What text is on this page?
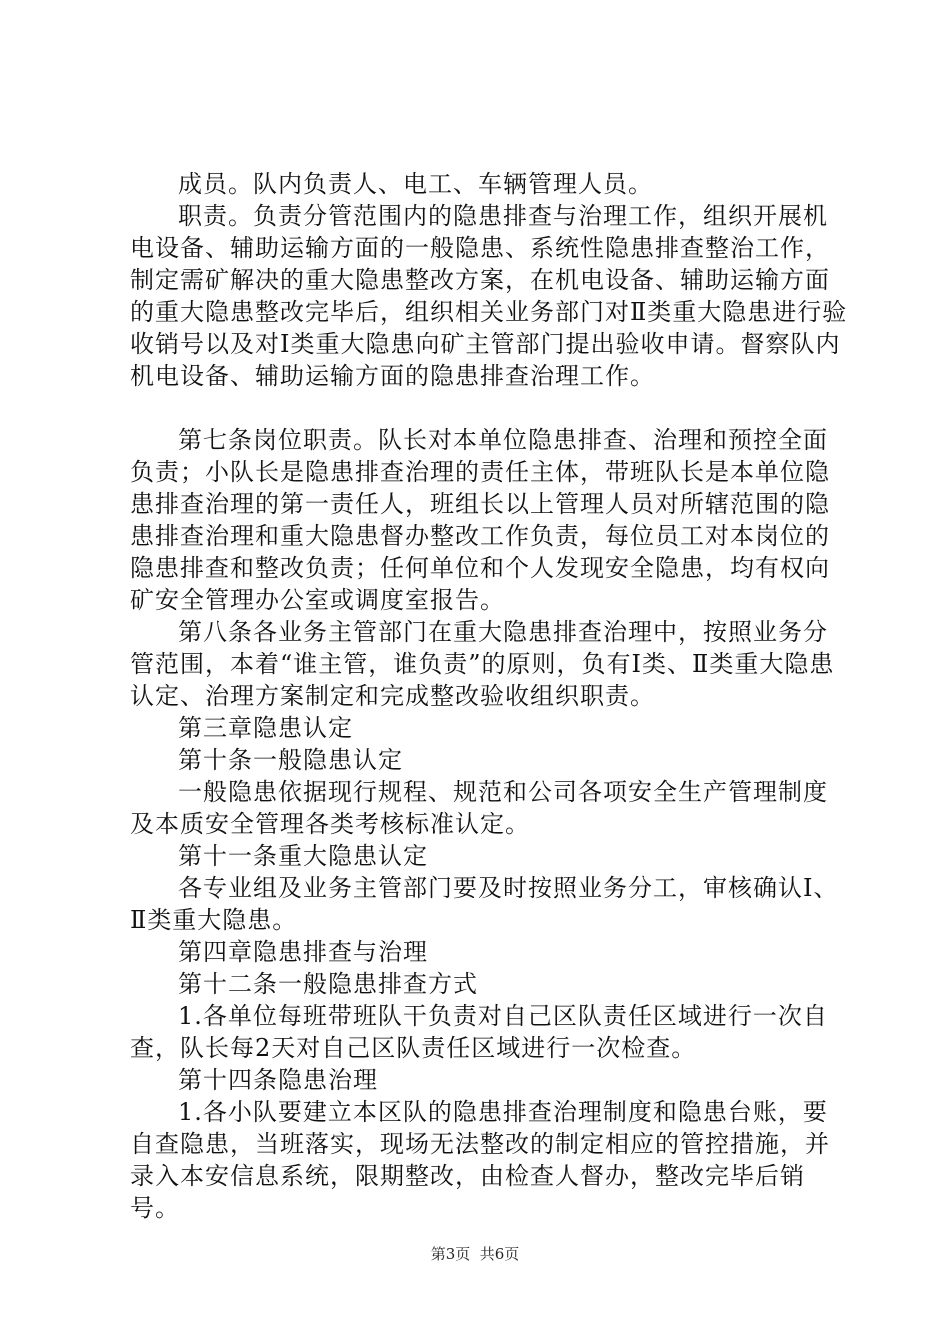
成员。队内负责人、电工、车辆管理人员。

职责。负责分管范围内的隐患排查与治理工作，组织开展机电设备、辅助运输方面的一般隐患、系统性隐患排查整治工作，制定需矿解决的重大隐患整改方案，在机电设备、辅助运输方面的重大隐患整改完毕后，组织相关业务部门对Ⅱ类重大隐患进行验收销号以及对Ⅰ类重大隐患向矿主管部门提出验收申请。督察队内机电设备、辅助运输方面的隐患排查治理工作。

第七条岗位职责。队长对本单位隐患排查、治理和预控全面负责；小队长是隐患排查治理的责任主体，带班队长是本单位隐患排查治理的第一责任人，班组长以上管理人员对所辖范围的隐患排查治理和重大隐患督办整改工作负责，每位员工对本岗位的隐患排查和整改负责；任何单位和个人发现安全隐患，均有权向矿安全管理办公室或调度室报告。

第八条各业务主管部门在重大隐患排查治理中，按照业务分管范围，本着“谁主管，谁负责”的原则，负有Ⅰ类、Ⅱ类重大隐患认定、治理方案制定和完成整改验收组织职责。

第三章隐患认定

第十条一般隐患认定

一般隐患依据现行规程、规范和公司各项安全生产管理制度及本质安全管理各类考核标准认定。

第十一条重大隐患认定

各专业组及业务主管部门要及时按照业务分工，审核确认Ⅰ、Ⅱ类重大隐患。

第四章隐患排查与治理

第十二条一般隐患排查方式

1.各单位每班带班队干负责对自己区队责任区域进行一次自查，队长每2天对自己区队责任区域进行一次检查。

第十四条隐患治理

1.各小队要建立本区队的隐患排查治理制度和隐患台账，要自查隐患，当班落实，现场无法整改的制定相应的管控措施，并录入本安信息系统，限期整改，由检查人督办，整改完毕后销号。

第3页  共6页
